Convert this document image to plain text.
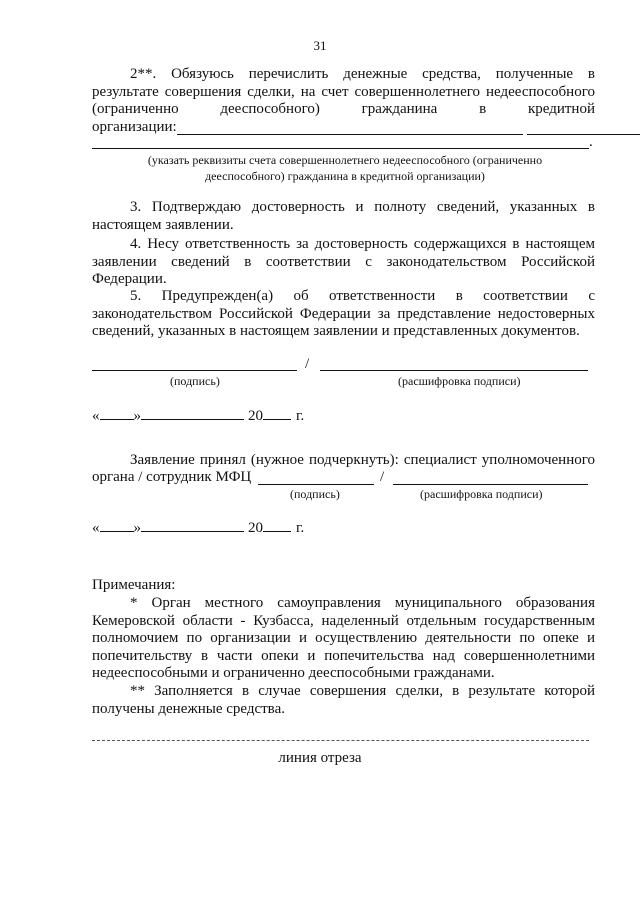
31
2**. Обязуюсь перечислить денежные средства, полученные в
результате совершения сделки, на счет совершеннолетнего недееспособного
(ограниченно	дееспособного)	гражданина	в	кредитной
организации:
.
(указать реквизиты счета совершеннолетнего недееспособного (ограниченно дееспособного) гражданина в кредитной организации)
3. Подтверждаю достоверность и полноту сведений, указанных в настоящем заявлении.
4. Несу ответственность за достоверность содержащихся в настоящем заявлении сведений в соответствии с законодательством Российской Федерации.
5. Предупрежден(а) об ответственности в соответствии с законодательством Российской Федерации за представление недостоверных сведений, указанных в настоящем заявлении и представленных документов.
/
(подпись)	(расшифровка подписи)
« »	20 г.
Заявление принял (нужное подчеркнуть): специалист уполномоченного
органа / сотрудник МФЦ	/
(подпись)	(расшифровка подписи)
« »	20 г.
Примечания:
* Орган местного самоуправления муниципального образования Кемеровской области - Кузбасса, наделенный отдельным государственным полномочием по организации и осуществлению деятельности по опеке и попечительству в части опеки и попечительства над совершеннолетними недееспособными и ограниченно дееспособными гражданами.
** Заполняется в случае совершения сделки, в результате которой получены денежные средства.
линия отреза
